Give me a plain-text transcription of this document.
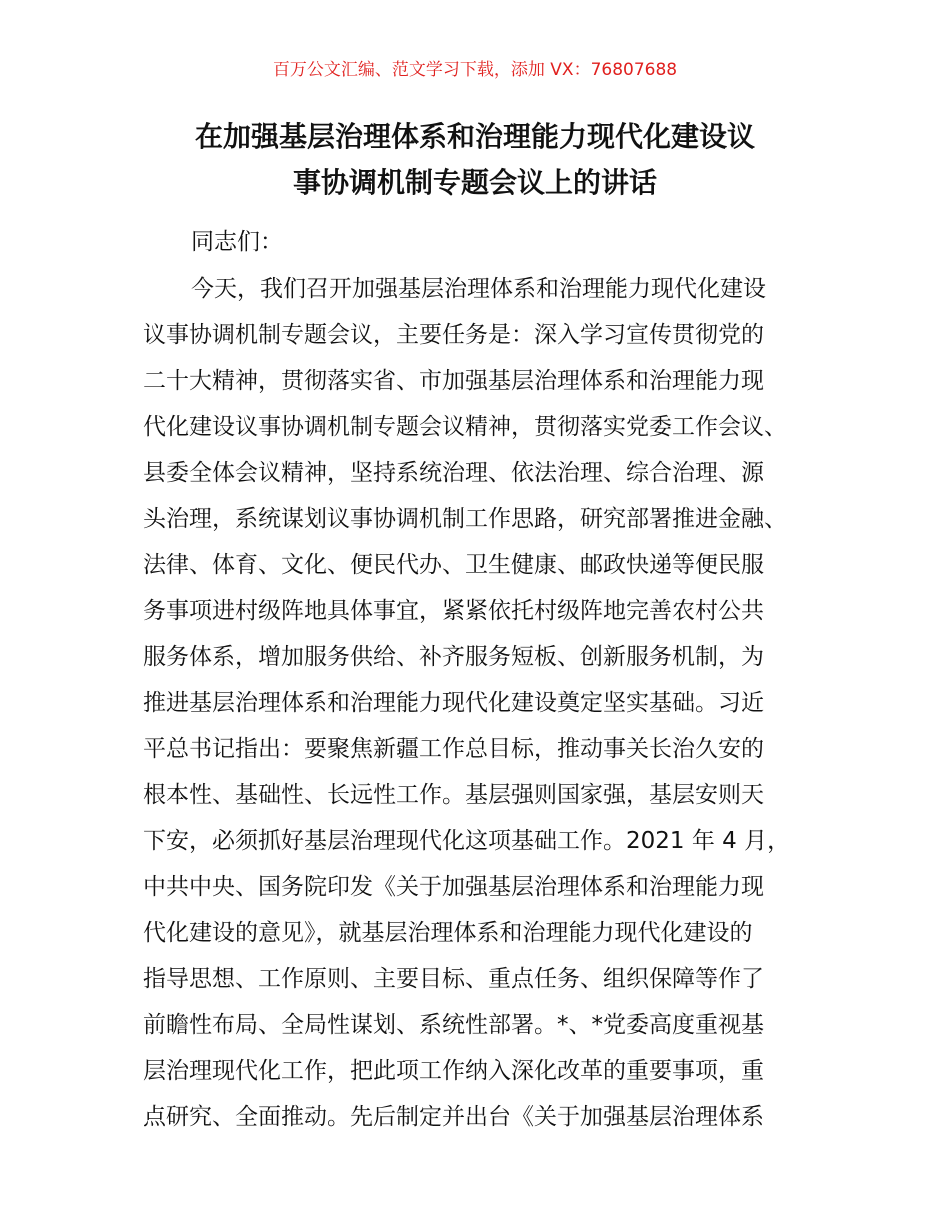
百万公文汇编、范文学习下载，添加 VX：76807688
在加强基层治理体系和治理能力现代化建设议
事协调机制专题会议上的讲话

同志们：

今天，我们召开加强基层治理体系和治理能力现代化建设
议事协调机制专题会议，主要任务是：深入学习宣传贯彻党的
二十大精神，贯彻落实省、市加强基层治理体系和治理能力现
代化建设议事协调机制专题会议精神，贯彻落实党委工作会议、
县委全体会议精神，坚持系统治理、依法治理、综合治理、源
头治理，系统谋划议事协调机制工作思路，研究部署推进金融、
法律、体育、文化、便民代办、卫生健康、邮政快递等便民服
务事项进村级阵地具体事宜，紧紧依托村级阵地完善农村公共
服务体系，增加服务供给、补齐服务短板、创新服务机制，为
推进基层治理体系和治理能力现代化建设奠定坚实基础。习近
平总书记指出：要聚焦新疆工作总目标，推动事关长治久安的
根本性、基础性、长远性工作。基层强则国家强，基层安则天
下安，必须抓好基层治理现代化这项基础工作。2021 年 4 月，
中共中央、国务院印发《关于加强基层治理体系和治理能力现
代化建设的意见》，就基层治理体系和治理能力现代化建设的
指导思想、工作原则、主要目标、重点任务、组织保障等作了
前瞻性布局、全局性谋划、系统性部署。*、*党委高度重视基
层治理现代化工作，把此项工作纳入深化改革的重要事项，重
点研究、全面推动。先后制定并出台《关于加强基层治理体系
